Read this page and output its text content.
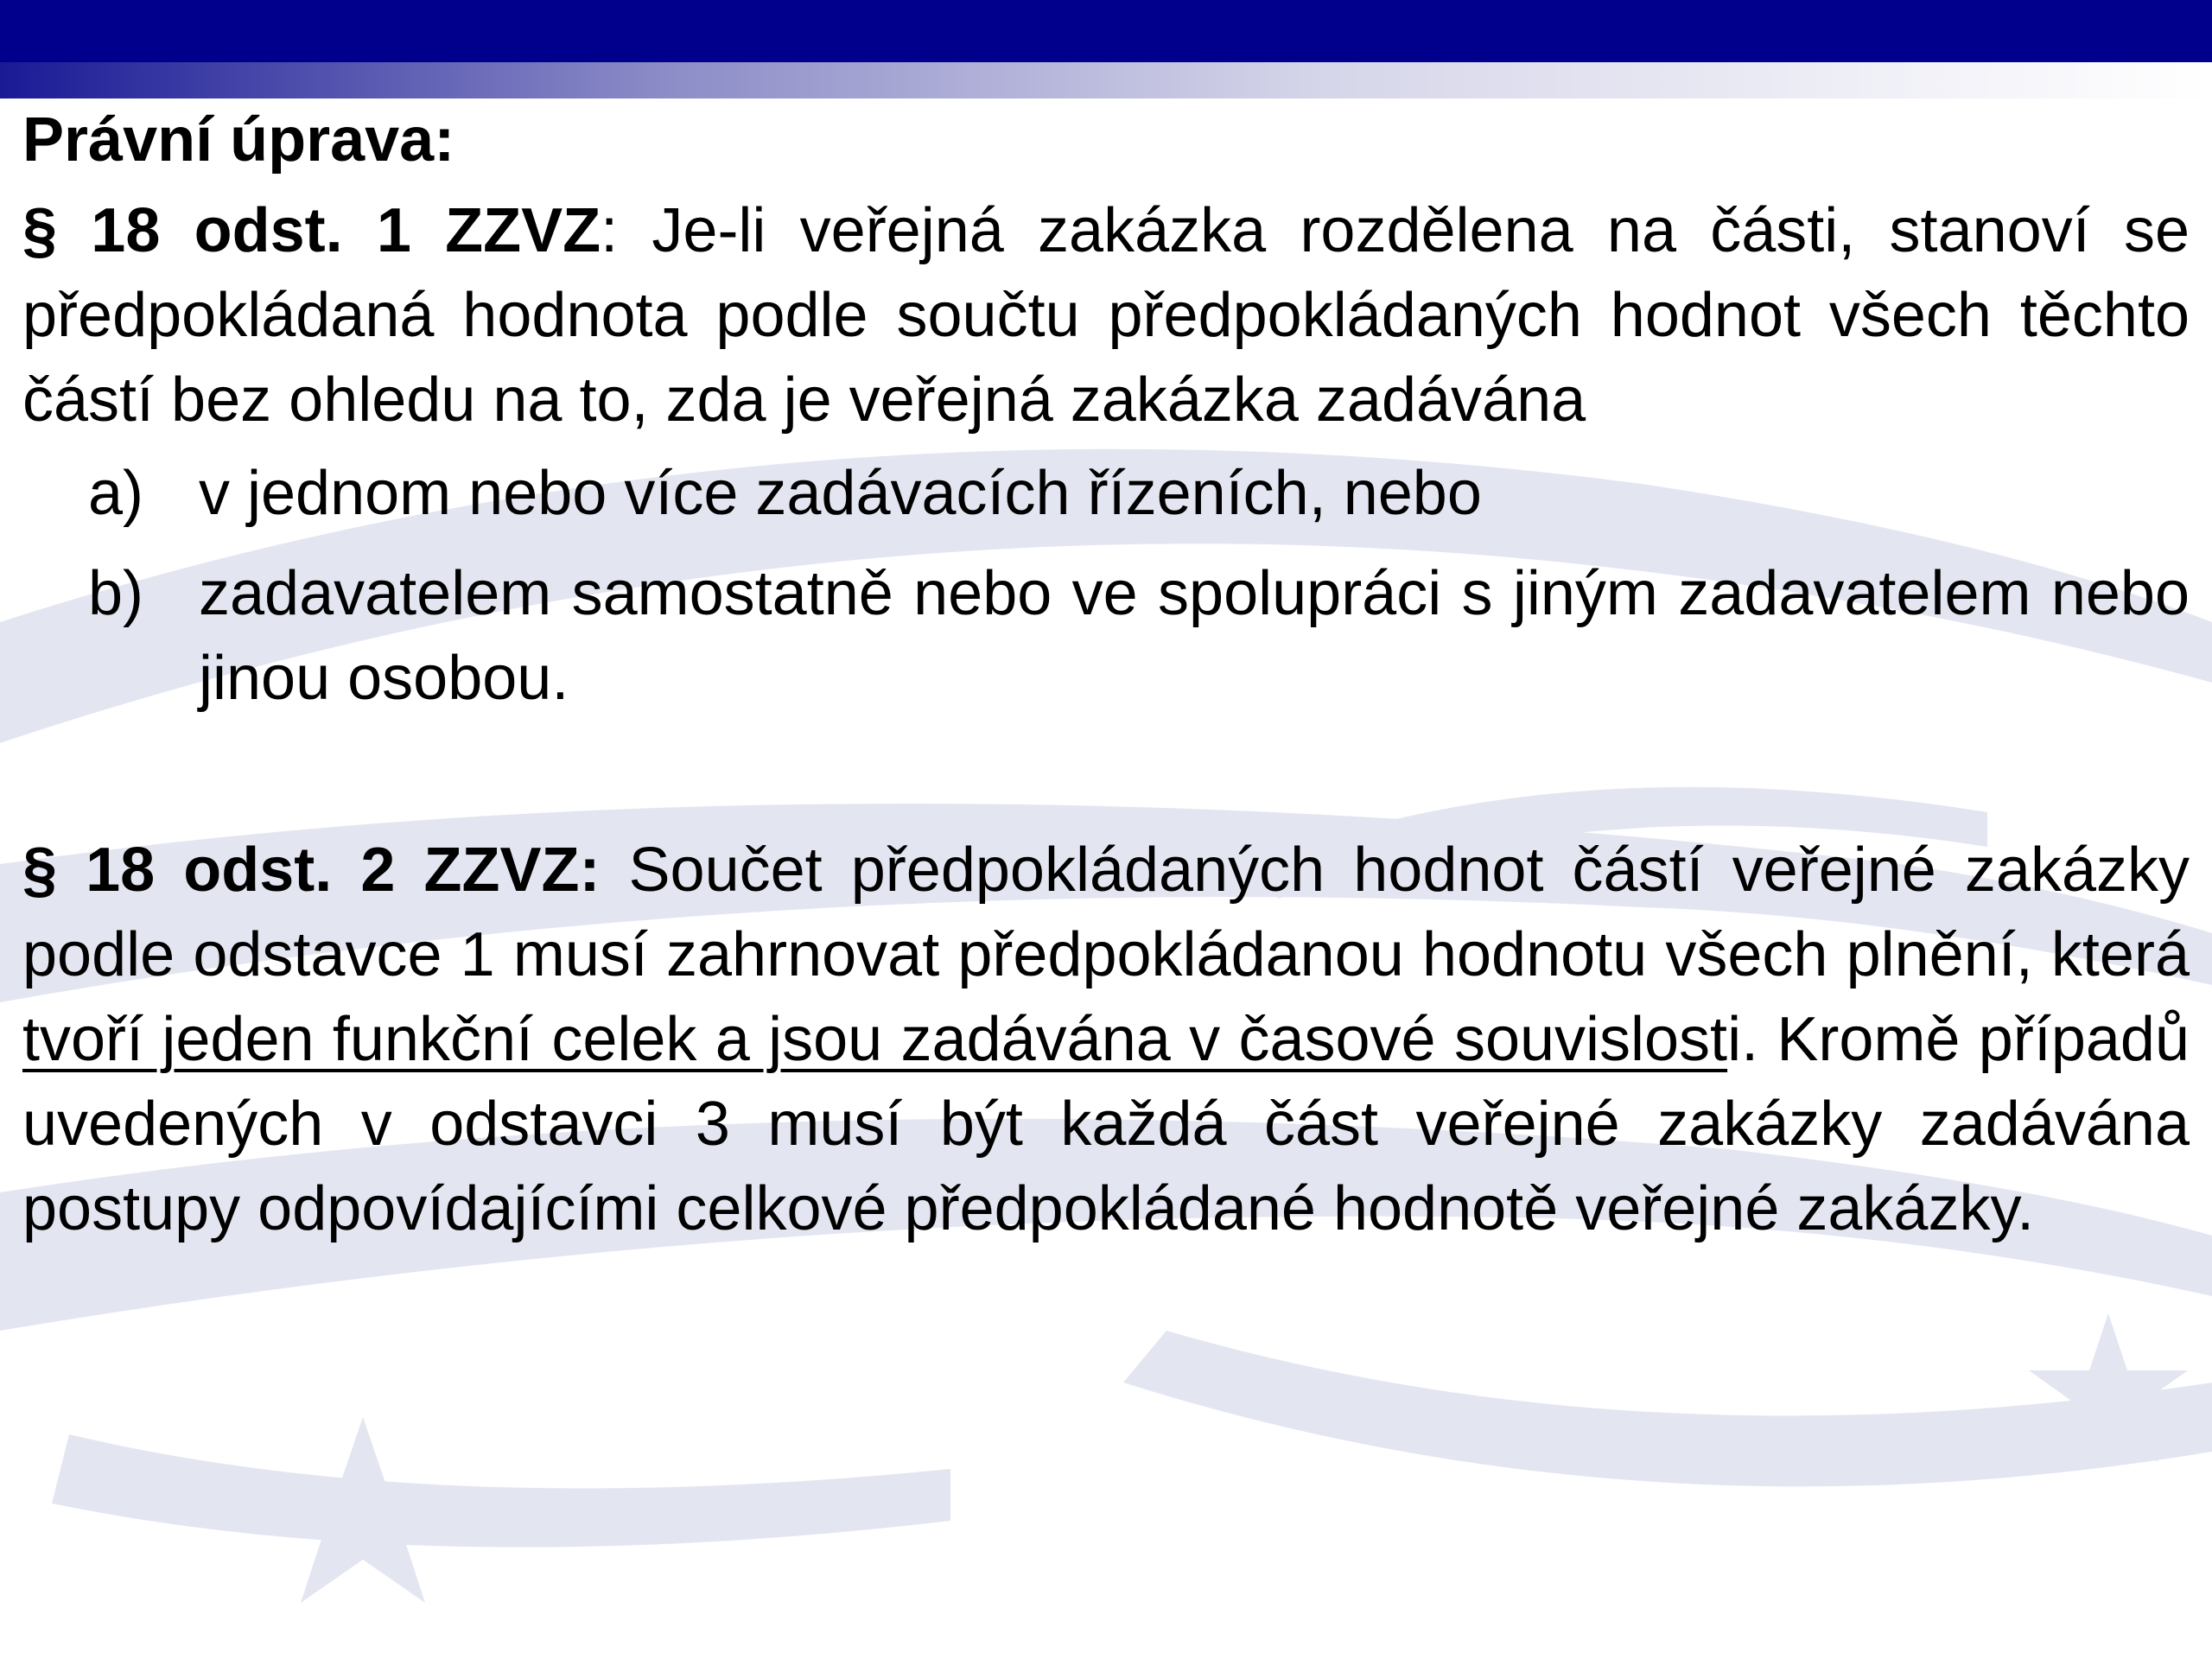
Právní úprava:

§ 18 odst. 1 ZZVZ: Je-li veřejná zakázka rozdělena na části, stanoví se předpokládaná hodnota podle součtu předpokládaných hodnot všech těchto částí bez ohledu na to, zda je veřejná zakázka zadávána

a) v jednom nebo více zadávacích řízeních, nebo
b) zadavatelem samostatně nebo ve spolupráci s jiným zadavatelem nebo jinou osobou.

§ 18 odst. 2 ZZVZ: Součet předpokládaných hodnot částí veřejné zakázky podle odstavce 1 musí zahrnovat předpokládanou hodnotu všech plnění, která tvoří jeden funkční celek a jsou zadávána v časové souvislosti. Kromě případů uvedených v odstavci 3 musí být každá část veřejné zakázky zadávána postupy odpovídajícími celkové předpokládané hodnotě veřejné zakázky.
